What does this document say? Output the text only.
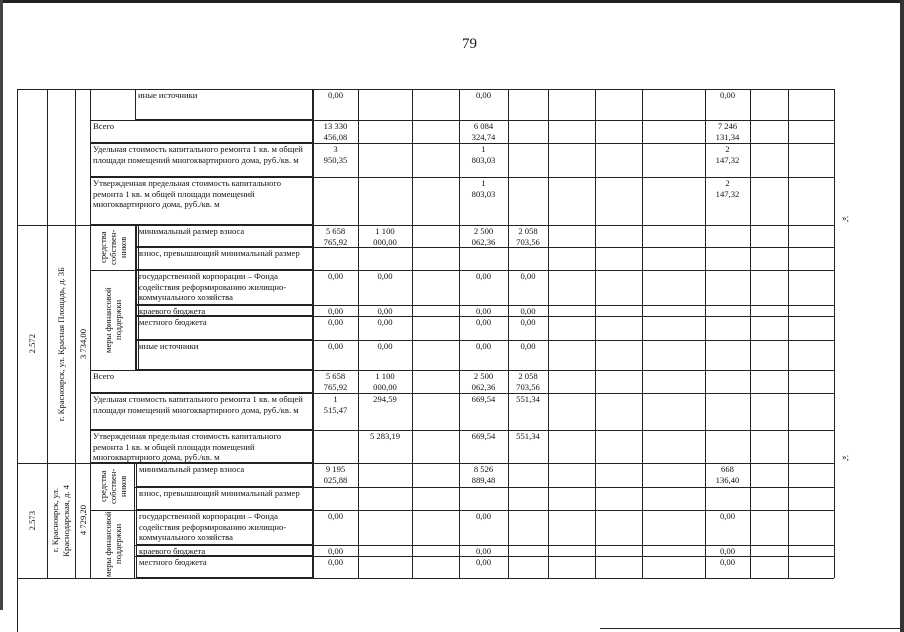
79
иные источники
Всего
Удельная стоимость капитального ремонта 1 кв. м общей площади помещений многоквартирного дома, руб./кв. м
Утвержденная предельная стоимость капитального ремонта 1 кв. м общей площади помещений многоквартирного дома, руб./кв. м
0,00
13 330
456,08
3
950,35
0,00
6 084
324,74
1
803,03
0,00
7 246
131,34
2
147,32
1
803,03
2
147,32
»;
минимальный размер взноса
взнос, превышающий минимальный размер
государственной корпорации – Фонда содействия реформированию жилищно-коммунального хозяйства
краевого бюджета
местного бюджета
иные источники
Всего
Удельная стоимость капитального ремонта 1 кв. м общей площади помещений многоквартирного дома, руб./кв. м
Утвержденная предельная стоимость капитального ремонта 1 кв. м общей площади помещений многоквартирного дома, руб./кв. м
2.572 г. Красноярск, ул. Красная Площадь, д. 3Б 3 734,00
средства собствен- ников
меры финансовой поддержки
5 658
765,92
0,00
0,00
0,00
0,00
5 658
765,92
1
515,47
1 100
000,00
0,00
0,00
0,00
0,00
1 100
000,00
294,59
2 500
062,36
0,00
0,00
0,00
0,00
2 500
062,36
669,54
2 058
703,56
0,00
0,00
0,00
0,00
2 058
703,56
551,34
5 283,19	669,54	551,34
»;
минимальный размер взноса
взнос, превышающий минимальный размер
государственной корпорации – Фонда содействия реформированию жилищно-коммунального хозяйства
краевого бюджета
местного бюджета
2.573 г. Красноярск, ул. Краснодарская, д. 4 4 729,20
средства собствен- ников
меры финансовой поддержки
9 195
025,88
0,00
0,00
0,00
8 526
889,48
0,00
0,00
0,00
668
136,40
0,00
0,00
0,00
